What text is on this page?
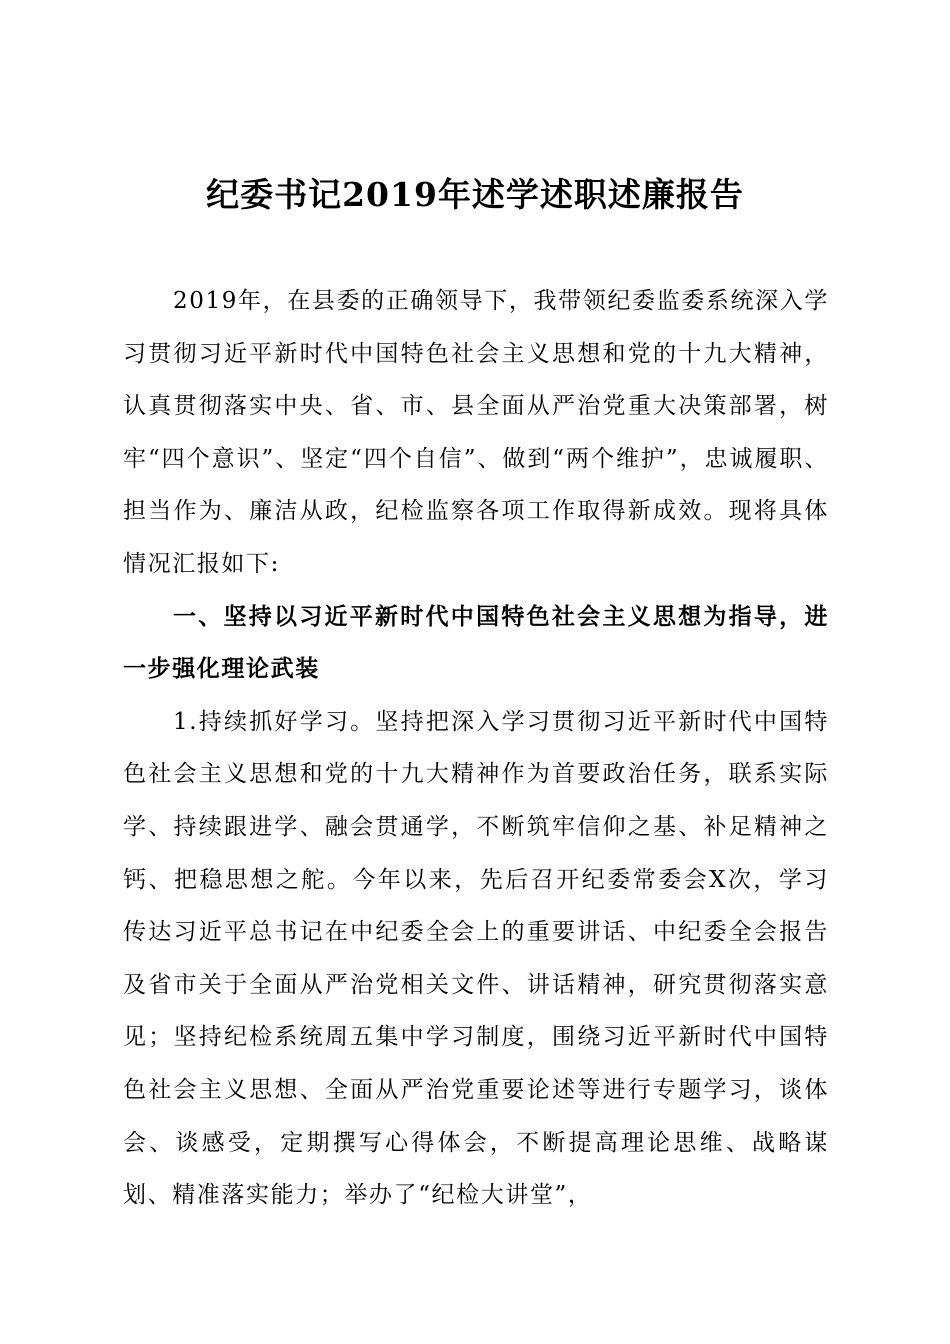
纪委书记2019年述学述职述廉报告

2019年，在县委的正确领导下，我带领纪委监委系统深入学习贯彻习近平新时代中国特色社会主义思想和党的十九大精神，认真贯彻落实中央、省、市、县全面从严治党重大决策部署，树牢“四个意识”、坚定“四个自信”、做到“两个维护”，忠诚履职、担当作为、廉洁从政，纪检监察各项工作取得新成效。现将具体情况汇报如下:

一、坚持以习近平新时代中国特色社会主义思想为指导，进一步强化理论武装

1.持续抓好学习。坚持把深入学习贯彻习近平新时代中国特色社会主义思想和党的十九大精神作为首要政治任务，联系实际学、持续跟进学、融会贯通学，不断筑牢信仰之基、补足精神之钙、把稳思想之舵。今年以来，先后召开纪委常委会X次，学习传达习近平总书记在中纪委全会上的重要讲话、中纪委全会报告及省市关于全面从严治党相关文件、讲话精神，研究贯彻落实意见；坚持纪检系统周五集中学习制度，围绕习近平新时代中国特色社会主义思想、全面从严治党重要论述等进行专题学习，谈体会、谈感受，定期撰写心得体会，不断提高理论思维、战略谋划、精准落实能力；举办了“纪检大讲堂”，
